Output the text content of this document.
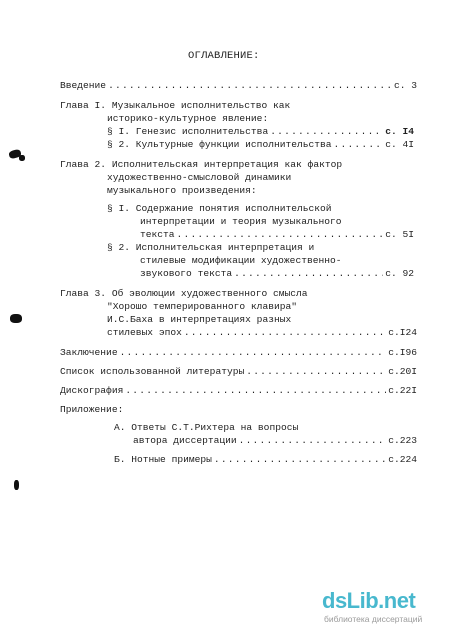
ОГЛАВЛЕНИЕ:
Введение .....	с. 3
Глава I. Музыкальное исполнительство как
историко-культурное явление:
§ I. Генезис исполнительства .....	с. I4
§ 2. Культурные функции исполнительства .....	с. 4I
Глава 2. Исполнительская интерпретация как фактор
художественно-смысловой динамики
музыкального произведения:
§ I. Содержание понятия исполнительской
интерпретации и теория музыкального
текста .....	с. 5I
§ 2. Исполнительская интерпретация и
стилевые модификации художественно-
звукового текста .....	с. 92
Глава 3. Об эволюции художественного смысла
"Хорошо темперированного клавира"
И.С.Баха в интерпретациях разных
стилевых эпох .....	с.I24
Заключение .....	с.I96
Список использованной литературы .....	с.20I
Дискография .....	с.22I
Приложение:
А. Ответы С.Т.Рихтера на вопросы
автора диссертации .....	с.223
Б. Нотные примеры .....	с.224
dsLib.net
библиотека диссертаций
